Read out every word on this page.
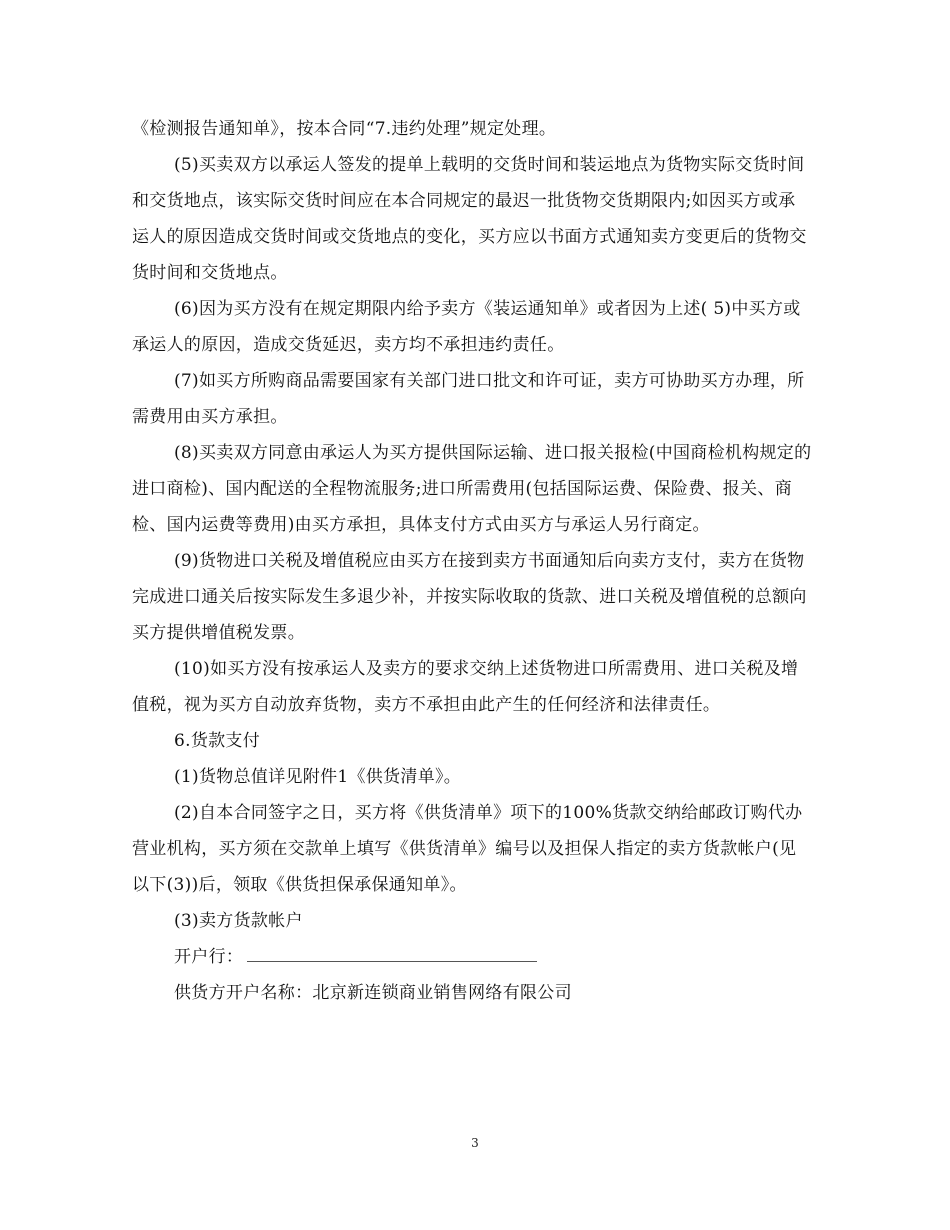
《检测报告通知单》，按本合同“7.违约处理”规定处理。

(5)买卖双方以承运人签发的提单上载明的交货时间和装运地点为货物实际交货时间和交货地点，该实际交货时间应在本合同规定的最迟一批货物交货期限内;如因买方或承运人的原因造成交货时间或交货地点的变化，买方应以书面方式通知卖方变更后的货物交货时间和交货地点。

(6)因为买方没有在规定期限内给予卖方《装运通知单》或者因为上述( 5)中买方或承运人的原因，造成交货延迟，卖方均不承担违约责任。

(7)如买方所购商品需要国家有关部门进口批文和许可证，卖方可协助买方办理，所需费用由买方承担。

(8)买卖双方同意由承运人为买方提供国际运输、进口报关报检(中国商检机构规定的进口商检)、国内配送的全程物流服务;进口所需费用(包括国际运费、保险费、报关、商检、国内运费等费用)由买方承担，具体支付方式由买方与承运人另行商定。

(9)货物进口关税及增值税应由买方在接到卖方书面通知后向卖方支付，卖方在货物完成进口通关后按实际发生多退少补，并按实际收取的货款、进口关税及增值税的总额向买方提供增值税发票。

(10)如买方没有按承运人及卖方的要求交纳上述货物进口所需费用、进口关税及增值税，视为买方自动放弃货物，卖方不承担由此产生的任何经济和法律责任。

6.货款支付

(1)货物总值详见附件1《供货清单》。

(2)自本合同签字之日，买方将《供货清单》项下的100%货款交纳给邮政订购代办营业机构，买方须在交款单上填写《供货清单》编号以及担保人指定的卖方货款帐户(见以下(3))后，领取《供货担保承保通知单》。

(3)卖方货款帐户

开户行：
供货方开户名称：北京新连锁商业销售网络有限公司
3
